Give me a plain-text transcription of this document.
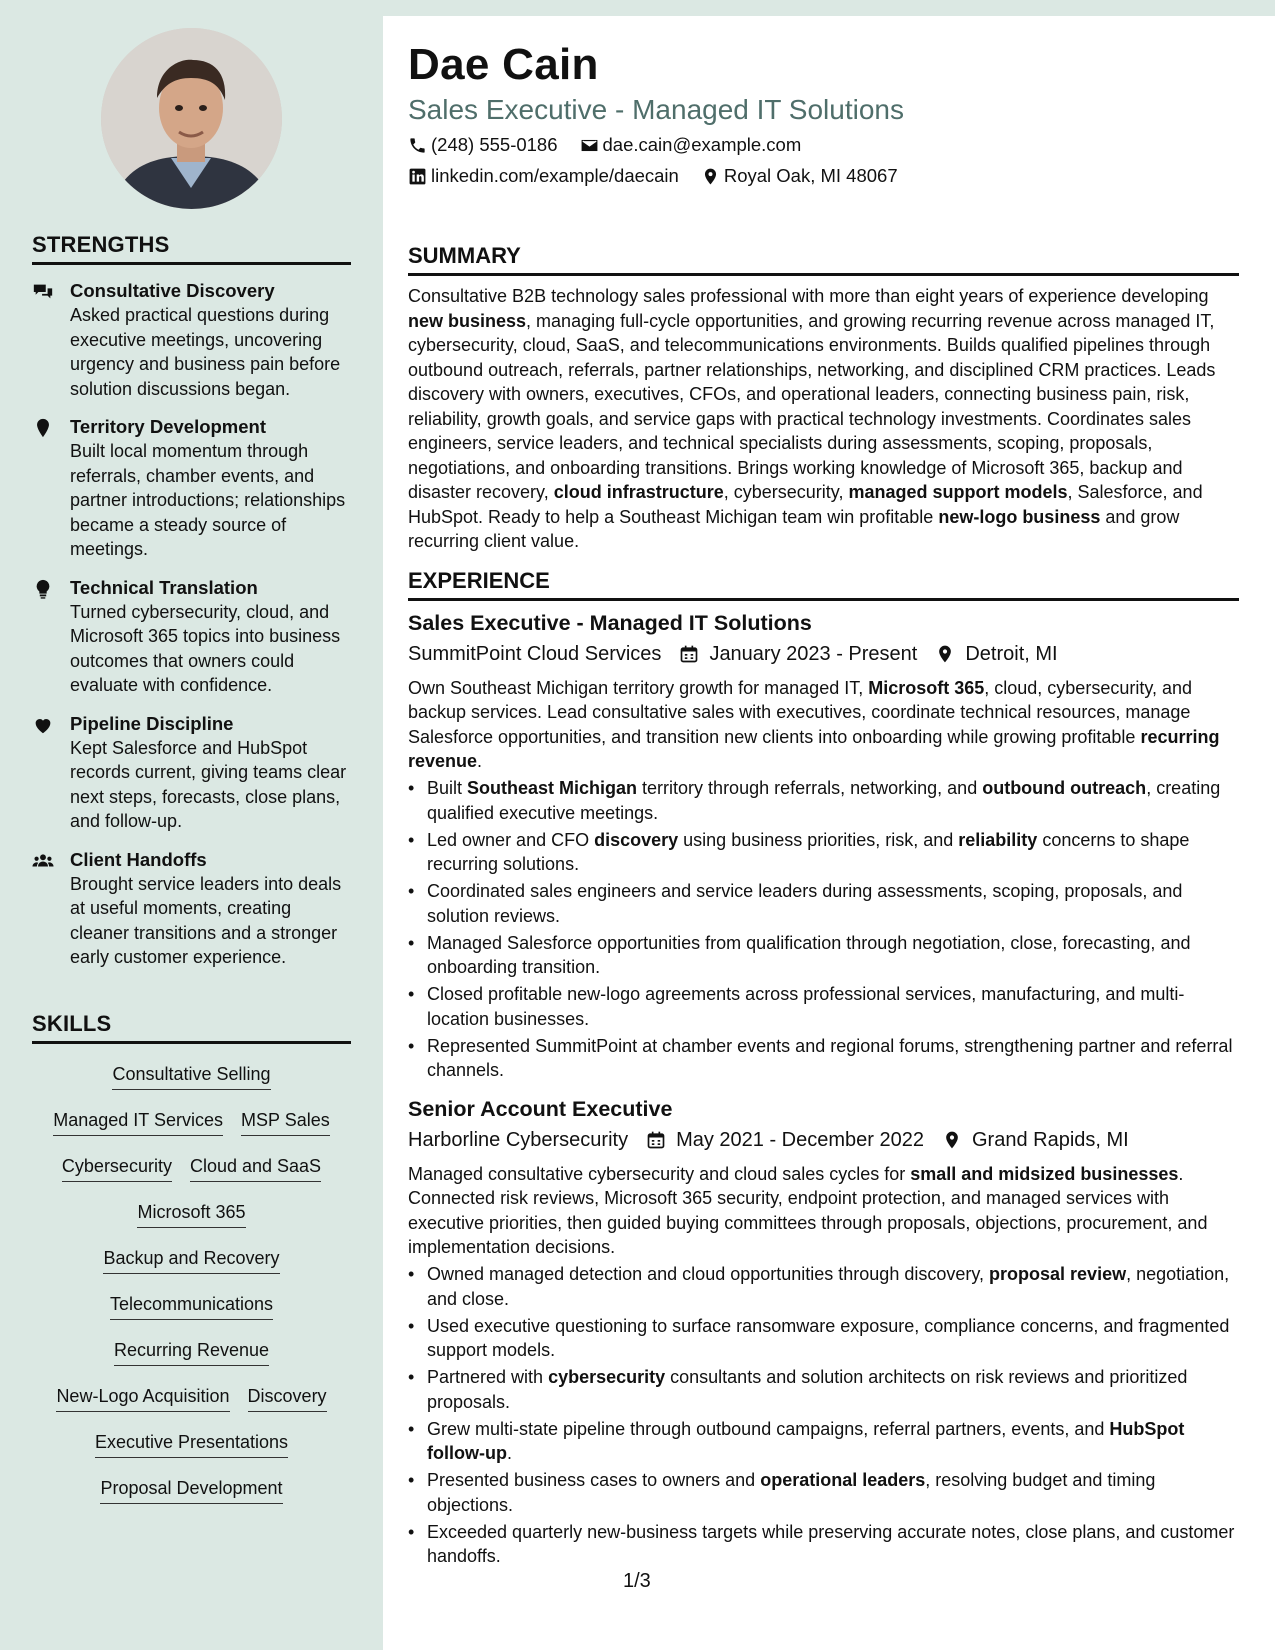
STRENGTHS
Consultative Discovery
Asked practical questions during executive meetings, uncovering urgency and business pain before solution discussions began.
Territory Development
Built local momentum through referrals, chamber events, and partner introductions; relationships became a steady source of meetings.
Technical Translation
Turned cybersecurity, cloud, and Microsoft 365 topics into business outcomes that owners could evaluate with confidence.
Pipeline Discipline
Kept Salesforce and HubSpot records current, giving teams clear next steps, forecasts, close plans, and follow-up.
Client Handoffs
Brought service leaders into deals at useful moments, creating cleaner transitions and a stronger early customer experience.
SKILLS
Consultative Selling
Managed IT Services MSP Sales
Cybersecurity Cloud and SaaS
Microsoft 365
Backup and Recovery
Telecommunications
Recurring Revenue
New-Logo Acquisition Discovery
Executive Presentations
Proposal Development
Dae Cain
Sales Executive - Managed IT Solutions
(248) 555-0186 dae.cain@example.com
linkedin.com/example/daecain Royal Oak, MI 48067
SUMMARY

Consultative B2B technology sales professional with more than eight years of experience developing new business, managing full-cycle opportunities, and growing recurring revenue across managed IT, cybersecurity, cloud, SaaS, and telecommunications environments. Builds qualified pipelines through outbound outreach, referrals, partner relationships, networking, and disciplined CRM practices. Leads discovery with owners, executives, CFOs, and operational leaders, connecting business pain, risk, reliability, growth goals, and service gaps with practical technology investments. Coordinates sales engineers, service leaders, and technical specialists during assessments, scoping, proposals, negotiations, and onboarding transitions. Brings working knowledge of Microsoft 365, backup and disaster recovery, cloud infrastructure, cybersecurity, managed support models, Salesforce, and HubSpot. Ready to help a Southeast Michigan team win profitable new-logo business and grow recurring client value.

EXPERIENCE
Sales Executive - Managed IT Solutions
SummitPoint Cloud Services January 2023 - Present Detroit, MI

Own Southeast Michigan territory growth for managed IT, Microsoft 365, cloud, cybersecurity, and backup services. Lead consultative sales with executives, coordinate technical resources, manage Salesforce opportunities, and transition new clients into onboarding while growing profitable recurring revenue.

• Built Southeast Michigan territory through referrals, networking, and outbound outreach, creating qualified executive meetings.
• Led owner and CFO discovery using business priorities, risk, and reliability concerns to shape recurring solutions.
• Coordinated sales engineers and service leaders during assessments, scoping, proposals, and solution reviews.
• Managed Salesforce opportunities from qualification through negotiation, close, forecasting, and onboarding transition.
• Closed profitable new-logo agreements across professional services, manufacturing, and multi-location businesses.
• Represented SummitPoint at chamber events and regional forums, strengthening partner and referral channels.
Senior Account Executive
Harborline Cybersecurity May 2021 - December 2022 Grand Rapids, MI

Managed consultative cybersecurity and cloud sales cycles for small and midsized businesses. Connected risk reviews, Microsoft 365 security, endpoint protection, and managed services with executive priorities, then guided buying committees through proposals, objections, procurement, and implementation decisions.

• Owned managed detection and cloud opportunities through discovery, proposal review, negotiation, and close.
• Used executive questioning to surface ransomware exposure, compliance concerns, and fragmented support models.
• Partnered with cybersecurity consultants and solution architects on risk reviews and prioritized proposals.
• Grew multi-state pipeline through outbound campaigns, referral partners, events, and HubSpot follow-up.
• Presented business cases to owners and operational leaders, resolving budget and timing objections.
• Exceeded quarterly new-business targets while preserving accurate notes, close plans, and customer handoffs.
1/3
